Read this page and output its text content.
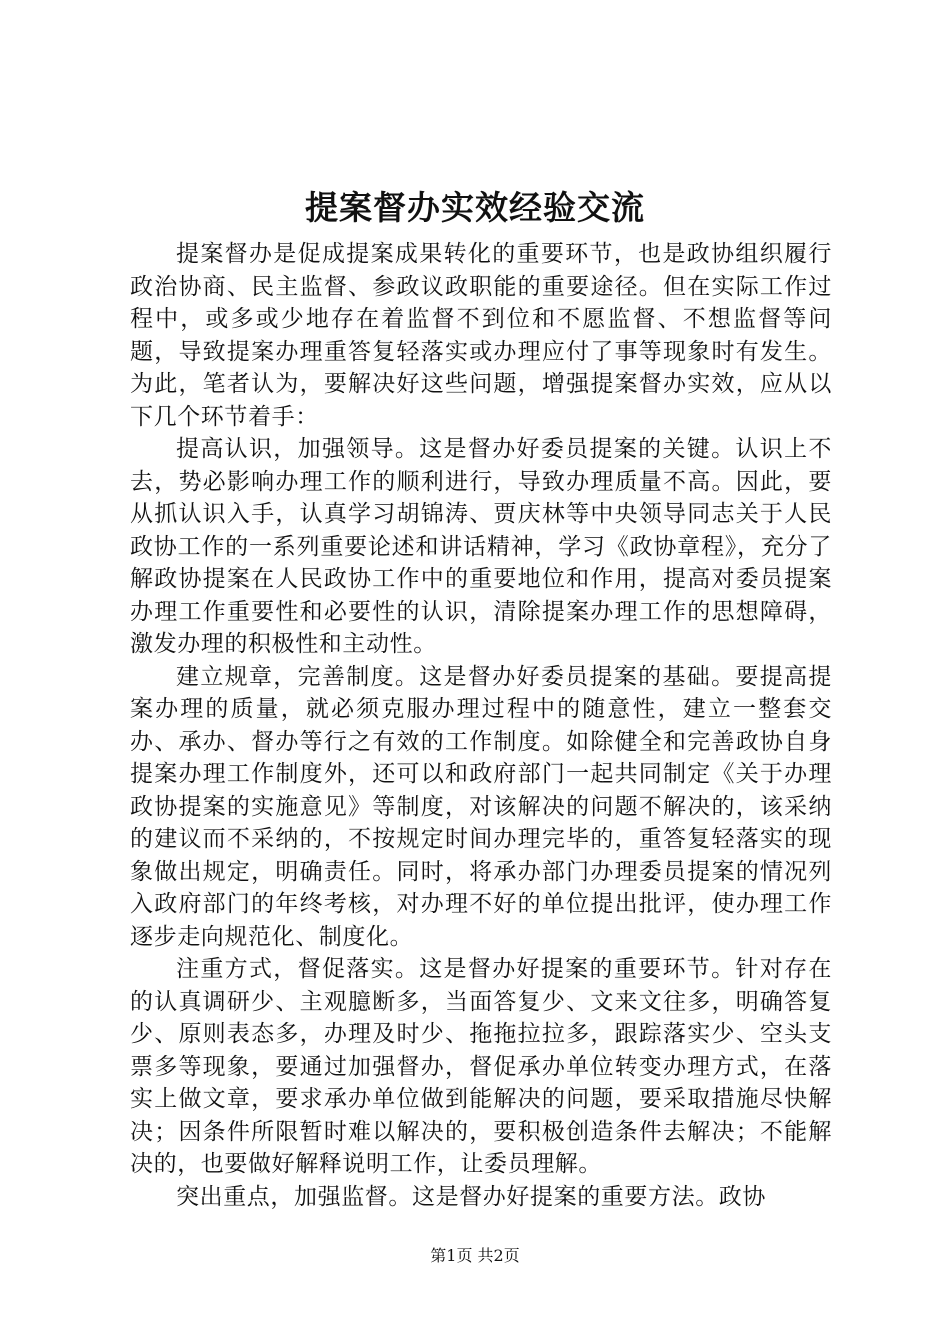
提案督办实效经验交流

提案督办是促成提案成果转化的重要环节，也是政协组织履行政治协商、民主监督、参政议政职能的重要途径。但在实际工作过程中，或多或少地存在着监督不到位和不愿监督、不想监督等问题，导致提案办理重答复轻落实或办理应付了事等现象时有发生。为此，笔者认为，要解决好这些问题，增强提案督办实效，应从以下几个环节着手：

提高认识，加强领导。这是督办好委员提案的关键。认识上不去，势必影响办理工作的顺利进行，导致办理质量不高。因此，要从抓认识入手，认真学习胡锦涛、贾庆林等中央领导同志关于人民政协工作的一系列重要论述和讲话精神，学习《政协章程》，充分了解政协提案在人民政协工作中的重要地位和作用，提高对委员提案办理工作重要性和必要性的认识，清除提案办理工作的思想障碍，激发办理的积极性和主动性。

建立规章，完善制度。这是督办好委员提案的基础。要提高提案办理的质量，就必须克服办理过程中的随意性，建立一整套交办、承办、督办等行之有效的工作制度。如除健全和完善政协自身提案办理工作制度外，还可以和政府部门一起共同制定《关于办理政协提案的实施意见》等制度，对该解决的问题不解决的，该采纳的建议而不采纳的，不按规定时间办理完毕的，重答复轻落实的现象做出规定，明确责任。同时，将承办部门办理委员提案的情况列入政府部门的年终考核，对办理不好的单位提出批评，使办理工作逐步走向规范化、制度化。

注重方式，督促落实。这是督办好提案的重要环节。针对存在的认真调研少、主观臆断多，当面答复少、文来文往多，明确答复少、原则表态多，办理及时少、拖拖拉拉多，跟踪落实少、空头支票多等现象，要通过加强督办，督促承办单位转变办理方式，在落实上做文章，要求承办单位做到能解决的问题，要采取措施尽快解决；因条件所限暂时难以解决的，要积极创造条件去解决；不能解决的，也要做好解释说明工作，让委员理解。

突出重点，加强监督。这是督办好提案的重要方法。政协

第1页 共2页
